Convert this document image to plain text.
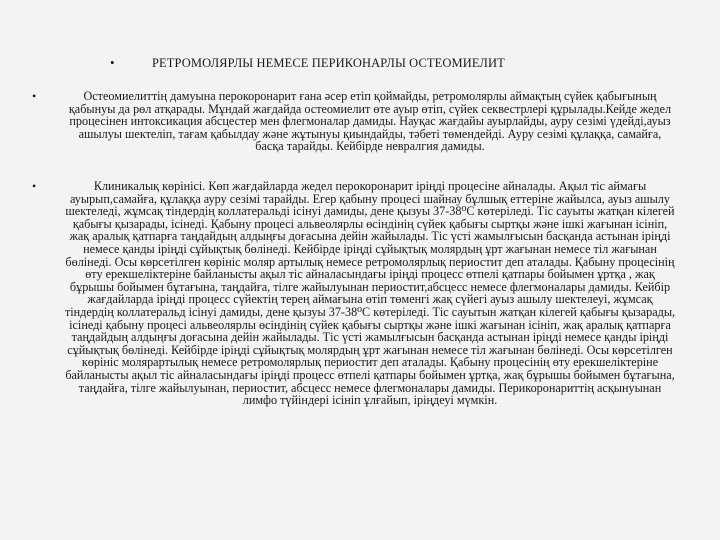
•	РЕТРОМОЛЯРЛЫ НЕМЕСЕ ПЕРИКОНАРЛЫ ОСТЕОМИЕЛИТ
•	Остеомиелиттің дамуына перокоронарит ғана әсер етіп қоймайды, ретромолярлы аймақтың сүйек қабығының қабынуы да рөл атқарады. Мұндай жағдайда остеомиелит өте ауыр өтіп, сүйек секвестрлері құрылады.Кейде жедел процесінен интоксикация абсцестер мен флегмоналар дамиды. Науқас жағдайы ауырлайды, ауру сезімі үдейді,ауыз ашылуы шектеліп, тағам қабылдау және жұтынуы қиындайды, тәбеті төмендейді. Ауру сезімі құлаққа, самайға, басқа тарайды. Кейбірде невралгия дамиды.
•	Клиникалық көрінісі. Көп жағдайларда жедел перокоронарит іріңді процесіне айналады. Ақыл тіс аймағы ауырып,самайға, құлаққа ауру сезімі тарайды. Егер қабыну процесі шайнау бұлшық еттеріне жайылса, ауыз ашылу шектеледі, жұмсақ тіндердің коллатеральді ісінуі дамиды, дене қызуы 37-38⁰С көтеріледі. Тіс сауыты жатқан кілегей қабығы қызарады, ісінеді. Қабыну процесі альвеолярлы өсіндінің сүйек қабығы сыртқы және ішкі жағынан ісініп, жақ аралық қатпарға таңдайдың алдыңғы доғасына дейін жайылады. Тіс үсті жамылғысын басқанда астынан іріңді немесе қанды іріңді сұйықтық бөлінеді. Кейбірде іріңді сұйықтық молярдың ұрт жағынан немесе тіл жағынан бөлінеді. Осы көрсетілген көрініс моляр артылық немесе ретромолярлық периостит деп аталады. Қабыну процесінің өту ерекшеліктеріне байланысты ақыл тіс айналасындағы іріңді процесс өтпелі қатпары бойымен ұртқа , жақ бұрышы бойымен бұтағына, таңдайға, тілге жайылуынан периостит,абсцесс немесе флегмоналары дамиды. Кейбір жағдайларда іріңді процесс сүйектің терең аймағына өтіп төменгі жақ сүйегі ауыз ашылу шектелеуі, жұмсақ тіндердің коллатеральд ісінуі дамиды, дене қызуы 37-38⁰С көтеріледі. Тіс сауытын жатқан кілегей қабығы қызарады, ісінеді қабыну процесі альвеолярлы өсіндінің сүйек қабығы сыртқы және ішкі жағынан ісініп, жақ аралық қатпарға таңдайдың алдыңғы доғасына дейін жайылады. Тіс үсті жамылғысын басқанда астынан іріңді немесе қанды іріңді сұйықтық бөлінеді. Кейбірде іріңді сұйықтық молярдың ұрт жағынан немесе тіл жағынан бөлінеді. Осы көрсетілген көрініс молярартылық немесе ретромолярлық периостит деп аталады. Қабыну процесінің өту ерекшеліктеріне байланысты ақыл тіс айналасындағы іріңді процесс өтпелі қатпары бойымен ұртқа, жақ бұрышы бойымен бұтағына, таңдайға, тілге жайылуынан, периостит, абсцесс немесе флегмоналары дамиды. Перикоронариттің асқынуынан лимфо түйіндері ісініп ұлғайып, іріңдеуі мүмкін.
